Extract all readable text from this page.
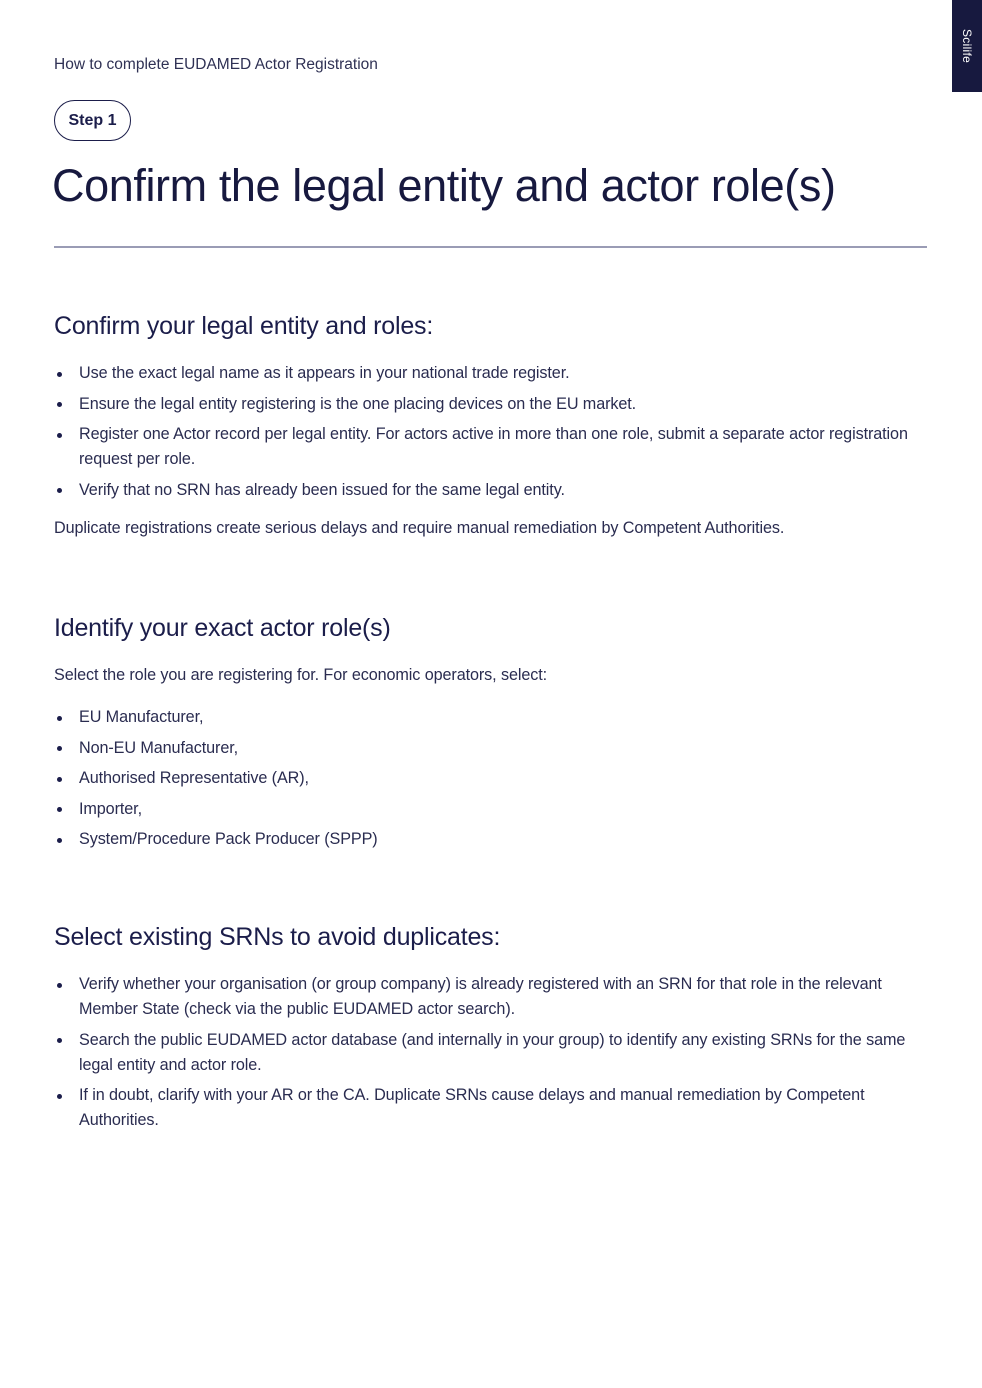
Scilife
How to complete EUDAMED Actor Registration
Step 1
Confirm the legal entity and actor role(s)
Confirm your legal entity and roles:
Use the exact legal name as it appears in your national trade register.
Ensure the legal entity registering is the one placing devices on the EU market.
Register one Actor record per legal entity. For actors active in more than one role, submit a separate actor registration request per role.
Verify that no SRN has already been issued for the same legal entity.

Duplicate registrations create serious delays and require manual remediation by Competent Authorities.

Identify your exact actor role(s)

Select the role you are registering for. For economic operators, select:

EU Manufacturer,
Non-EU Manufacturer,
Authorised Representative (AR),
Importer,
System/Procedure Pack Producer (SPPP)
Select existing SRNs to avoid duplicates:
Verify whether your organisation (or group company) is already registered with an SRN for that role in the relevant Member State (check via the public EUDAMED actor search).
Search the public EUDAMED actor database (and internally in your group) to identify any existing SRNs for the same legal entity and actor role.
If in doubt, clarify with your AR or the CA. Duplicate SRNs cause delays and manual remediation by Competent Authorities.
